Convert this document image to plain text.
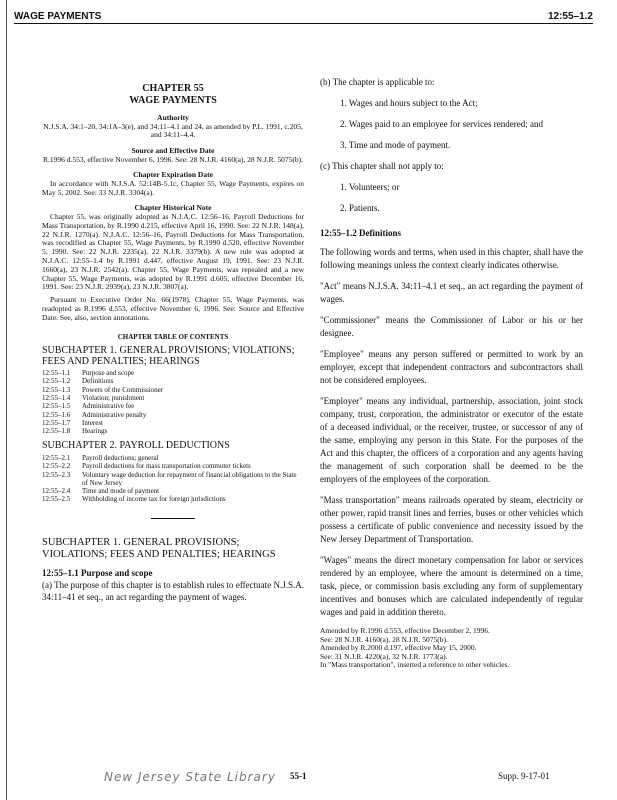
WAGE PAYMENTS	12:55–1.2
CHAPTER 55
WAGE PAYMENTS
Authority
N.J.S.A. 34:1–20, 34:1A–3(e), and 34:11–4.1 and 24, as amended by P.L. 1991, c.205, and 34:11–4.4.
Source and Effective Date
R.1996 d.553, effective November 6, 1996. See: 28 N.J.R. 4160(a), 28 N.J.R. 5075(b).
Chapter Expiration Date

In accordance with N.J.S.A. 52:14B-5.1c, Chapter 55, Wage Payments, expires on May 5, 2002. See: 33 N.J.R. 3304(a).

Chapter Historical Note

Chapter 55, was originally adopted as N.J.A.C. 12:56–16, Payroll Deductions for Mass Transportation, by R.1990 d.215, effective April 16, 1990. See: 22 N.J.R. 148(a), 22 N.J.R. 1270(a). N.J.A.C. 12:56–16, Payroll Deductions for Mass Transportation, was recodified as Chapter 55, Wage Payments, by R.1990 d.520, effective November 5, 1990. See: 22 N.J.R. 2235(a), 22 N.J.R. 3379(b). A new rule was adopted at N.J.A.C. 12:55–1.4 by R.1991 d.447, effective August 19, 1991. See: 23 N.J.R. 1660(a), 23 N.J.R. 2542(a). Chapter 55, Wage Payments, was repealed and a new Chapter 55, Wage Payments, was adopted by R.1991 d.605, effective December 16, 1991. See: 23 N.J.R. 2939(a), 23 N.J.R. 3807(a).

Pursuant to Executive Order No. 66(1978), Chapter 55, Wage Payments, was readopted as R.1996 d.553, effective November 6, 1996. See: Source and Effective Date. See, also, section annotations.

CHAPTER TABLE OF CONTENTS
SUBCHAPTER 1. GENERAL PROVISIONS; VIOLATIONS; FEES AND PENALTIES; HEARINGS
12:55–1.1	Purpose and scope
12:55–1.2	Definitions
12:55–1.3	Powers of the Commissioner
12:55–1.4	Violation; punishment
12:55–1.5	Administrative fee
12:55–1.6	Administrative penalty
12:55–1.7	Interest
12:55–1.8	Hearings
SUBCHAPTER 2. PAYROLL DEDUCTIONS
12:55–2.1	Payroll deductions; general
12:55–2.2	Payroll deductions for mass transportation commuter tickets
12:55–2.3	Voluntary wage deduction for repayment of financial obligations to the State of New Jersey
12:55–2.4	Time and mode of payment
12:55–2.5	Withholding of income tax for foreign jurisdictions
SUBCHAPTER 1. GENERAL PROVISIONS; VIOLATIONS; FEES AND PENALTIES; HEARINGS
12:55–1.1 Purpose and scope

(a) The purpose of this chapter is to establish rules to effectuate N.J.S.A. 34:11–41 et seq., an act regarding the payment of wages.

(b) The chapter is applicable to:
1. Wages and hours subject to the Act;
2. Wages paid to an employee for services rendered; and
3. Time and mode of payment.
(c) This chapter shall not apply to:
1. Volunteers; or
2. Patients.
12:55–1.2 Definitions
The following words and terms, when used in this chapter, shall have the following meanings unless the context clearly indicates otherwise.
"Act" means N.J.S.A. 34:11–4.1 et seq., an act regarding the payment of wages.
"Commissioner" means the Commissioner of Labor or his or her designee.
"Employee" means any person suffered or permitted to work by an employer, except that independent contractors and subcontractors shall not be considered employees.
"Employer" means any individual, partnership, association, joint stock company, trust, corporation, the administrator or executor of the estate of a deceased individual, or the receiver, trustee, or successor of any of the same, employing any person in this State. For the purposes of the Act and this chapter, the officers of a corporation and any agents having the management of such corporation shall be deemed to be the employers of the employees of the corporation.
"Mass transportation" means railroads operated by steam, electricity or other power, rapid transit lines and ferries, buses or other vehicles which possess a certificate of public convenience and necessity issued by the New Jersey Department of Transportation.
"Wages" means the direct monetary compensation for labor or services rendered by an employee, where the amount is determined on a time, task, piece, or commission basis excluding any form of supplementary incentives and bonuses which are calculated independently of regular wages and paid in addition thereto.
Amended by R.1996 d.553, effective December 2, 1996.
See: 28 N.J.R. 4160(a), 28 N.J.R. 5075(b).
Amended by R.2000 d.197, effective May 15, 2000.
See: 31 N.J.R. 4220(a), 32 N.J.R. 1773(a).
In "Mass transportation", inserted a reference to other vehicles.
New Jersey State Library 55-1	Supp. 9-17-01
